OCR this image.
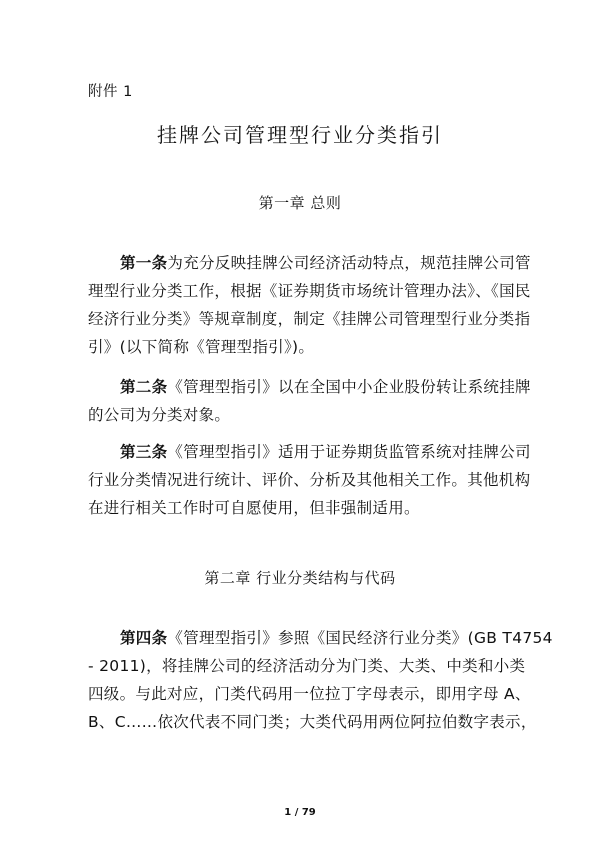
附件 1
挂牌公司管理型行业分类指引
第一章 总则
第一条为充分反映挂牌公司经济活动特点，规范挂牌公司管
理型行业分类工作，根据《证券期货市场统计管理办法》、《国民
经济行业分类》等规章制度，制定《挂牌公司管理型行业分类指
引》(以下简称《管理型指引》)。
第二条《管理型指引》以在全国中小企业股份转让系统挂牌
的公司为分类对象。
第三条《管理型指引》适用于证券期货监管系统对挂牌公司
行业分类情况进行统计、评价、分析及其他相关工作。其他机构
在进行相关工作时可自愿使用，但非强制适用。
第二章 行业分类结构与代码
第四条《管理型指引》参照《国民经济行业分类》(GB T4754
- 2011)，将挂牌公司的经济活动分为门类、大类、中类和小类
四级。与此对应，门类代码用一位拉丁字母表示，即用字母 A、
B、C……依次代表不同门类；大类代码用两位阿拉伯数字表示，
1 / 79
